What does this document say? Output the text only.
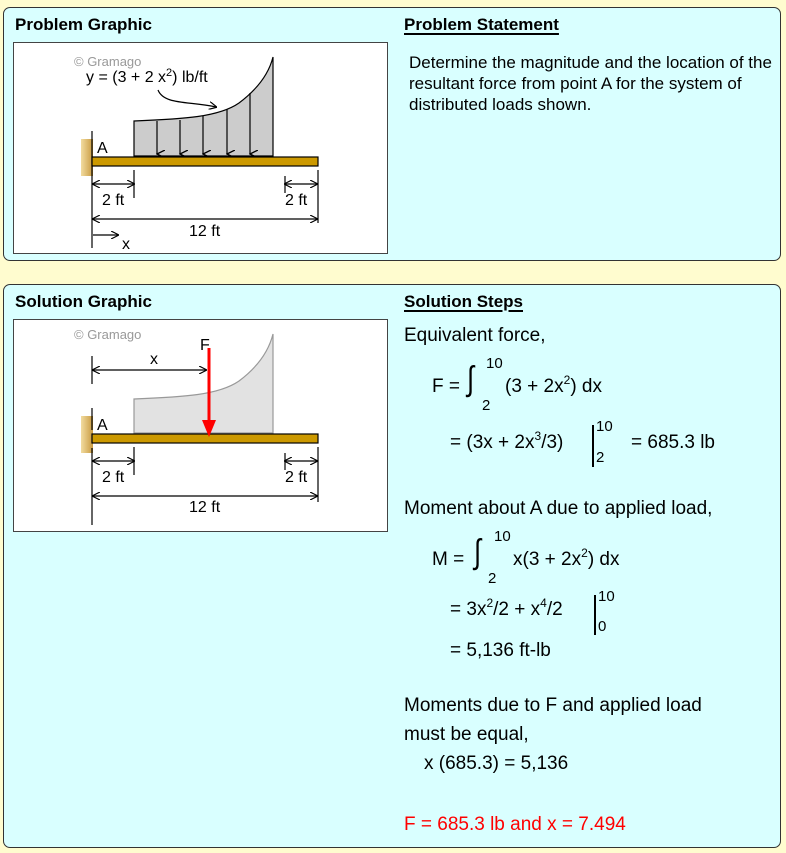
Problem Graphic	Problem Statement
© Gramago
y = (3 + 2 $x^2$) lb/ft
A
2 ft	2 ft
12 ft
x
Determine the magnitude and the location of the resultant force from point A for the system of distributed loads shown.
Solution Graphic	Solution Steps
© Gramago
F
x
A
2 ft	2 ft
12 ft
Equivalent force,
F = ∫ 10
2
$(3 + 2x^2)$ dx
= $(3x + 2x^3/3)$
10
2
= 685.3 lb
Moment about A due to applied load,
M = ∫ 10
2
$x(3 + 2x^2)$ dx
= $3x^2/2 + x^4/2$
10
0
= 5,136 ft-lb
Moments due to F and applied load
must be equal,
x (685.3) = 5,136
F = 685.3 lb and x = 7.494
